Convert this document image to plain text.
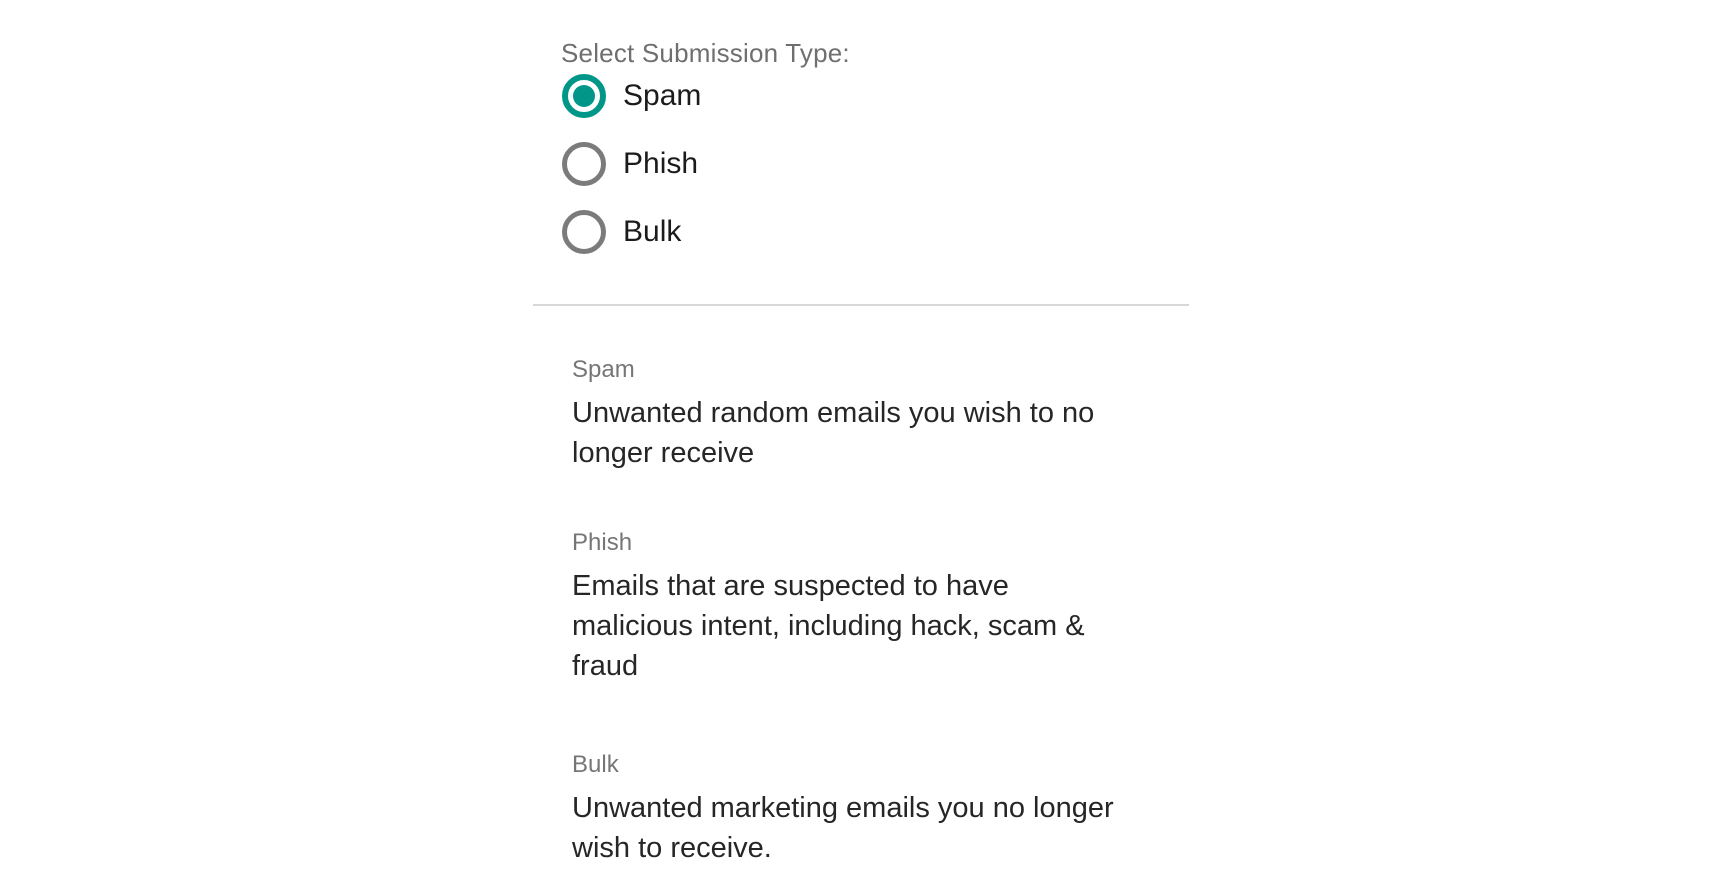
Select Submission Type:
Spam
Phish
Bulk
Spam
Unwanted random emails you wish to no longer receive
Phish
Emails that are suspected to have malicious intent, including hack, scam & fraud
Bulk
Unwanted marketing emails you no longer wish to receive.
